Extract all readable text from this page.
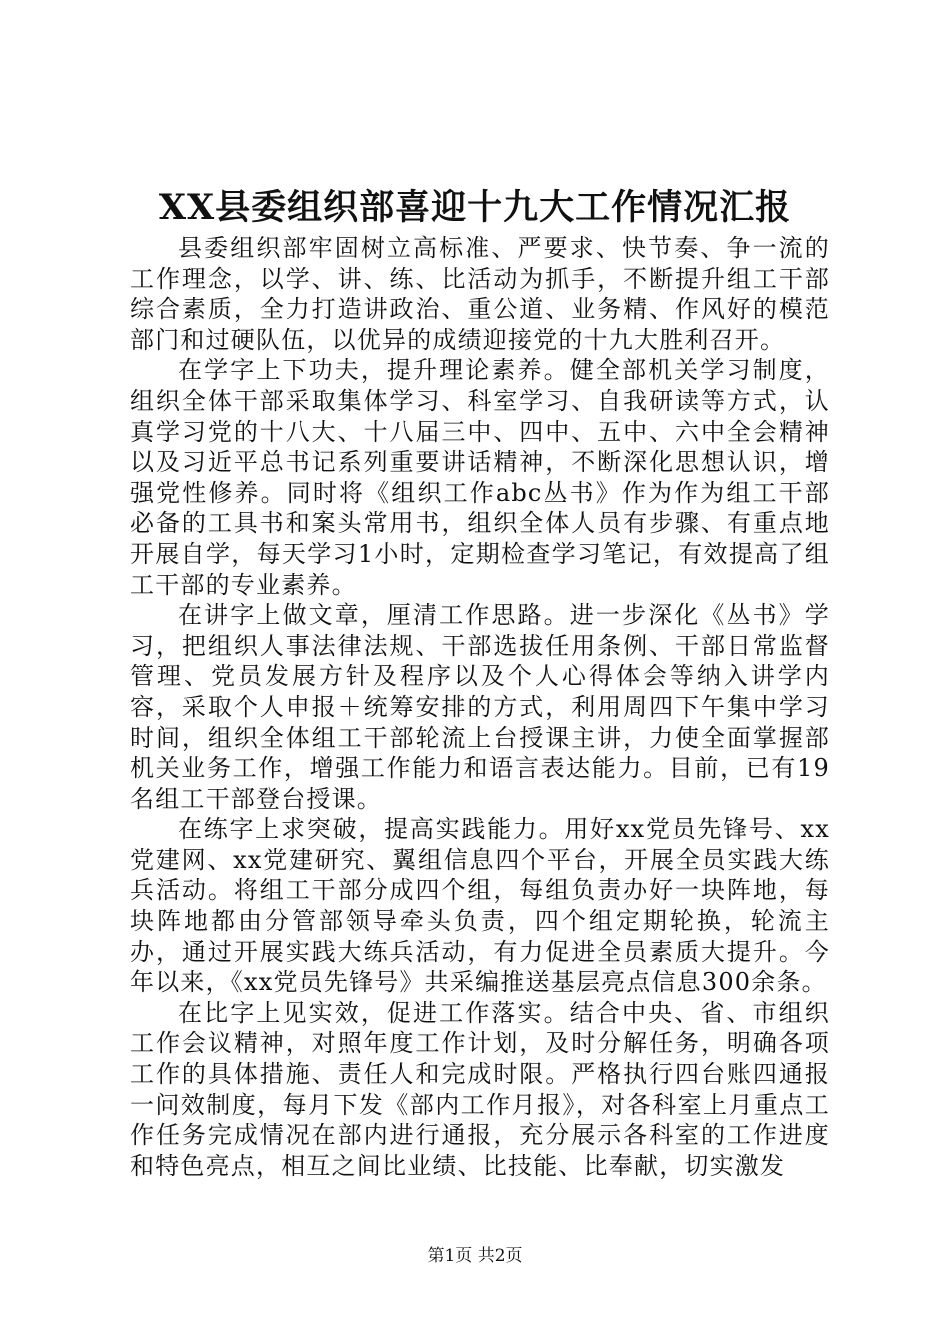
XX县委组织部喜迎十九大工作情况汇报

县委组织部牢固树立高标准、严要求、快节奏、争一流的工作理念，以学、讲、练、比活动为抓手，不断提升组工干部综合素质，全力打造讲政治、重公道、业务精、作风好的模范部门和过硬队伍，以优异的成绩迎接党的十九大胜利召开。

在学字上下功夫，提升理论素养。健全部机关学习制度，组织全体干部采取集体学习、科室学习、自我研读等方式，认真学习党的十八大、十八届三中、四中、五中、六中全会精神以及习近平总书记系列重要讲话精神，不断深化思想认识，增强党性修养。同时将《组织工作abc丛书》作为作为组工干部必备的工具书和案头常用书，组织全体人员有步骤、有重点地开展自学，每天学习1小时，定期检查学习笔记，有效提高了组工干部的专业素养。

在讲字上做文章，厘清工作思路。进一步深化《丛书》学习，把组织人事法律法规、干部选拔任用条例、干部日常监督管理、党员发展方针及程序以及个人心得体会等纳入讲学内容，采取个人申报＋统筹安排的方式，利用周四下午集中学习时间，组织全体组工干部轮流上台授课主讲，力使全面掌握部机关业务工作，增强工作能力和语言表达能力。目前，已有19名组工干部登台授课。

在练字上求突破，提高实践能力。用好xx党员先锋号、xx党建网、xx党建研究、翼组信息四个平台，开展全员实践大练兵活动。将组工干部分成四个组，每组负责办好一块阵地，每块阵地都由分管部领导牵头负责，四个组定期轮换，轮流主办，通过开展实践大练兵活动，有力促进全员素质大提升。今年以来，《xx党员先锋号》共采编推送基层亮点信息300余条。

在比字上见实效，促进工作落实。结合中央、省、市组织工作会议精神，对照年度工作计划，及时分解任务，明确各项工作的具体措施、责任人和完成时限。严格执行四台账四通报一问效制度，每月下发《部内工作月报》，对各科室上月重点工作任务完成情况在部内进行通报，充分展示各科室的工作进度和特色亮点，相互之间比业绩、比技能、比奉献，切实激发

第1页 共2页
